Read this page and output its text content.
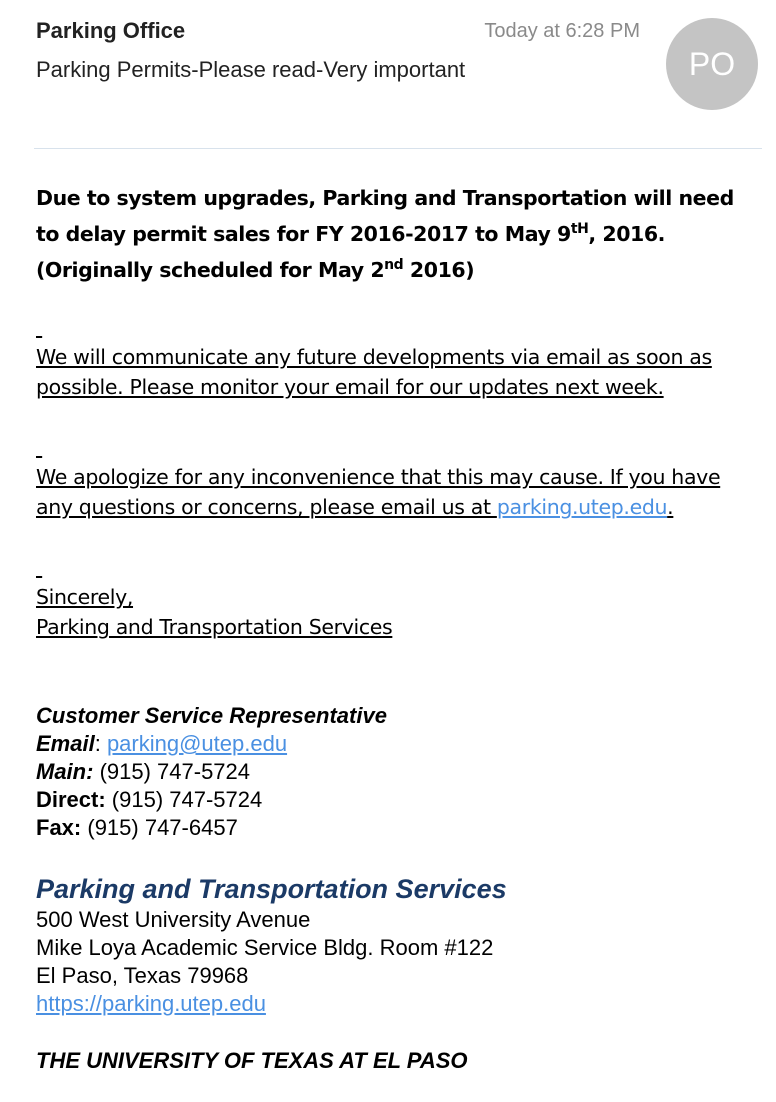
Parking Office	Today at 6:28 PM
Parking Permits-Please read-Very important	PO
Due to system upgrades, Parking and Transportation will need to delay permit sales for FY 2016-2017 to May 9tH, 2016. (Originally scheduled for May 2nd 2016)

We will communicate any future developments via email as soon as possible. Please monitor your email for our updates next week.

We apologize for any inconvenience that this may cause. If you have any questions or concerns, please email us at parking.utep.edu.

Sincerely,
Parking and Transportation Services
Customer Service Representative
Email: parking@utep.edu
Main: (915) 747-5724
Direct: (915) 747-5724
Fax: (915) 747-6457
Parking and Transportation Services
500 West University Avenue
Mike Loya Academic Service Bldg. Room #122
El Paso, Texas 79968
https://parking.utep.edu
THE UNIVERSITY OF TEXAS AT EL PASO
